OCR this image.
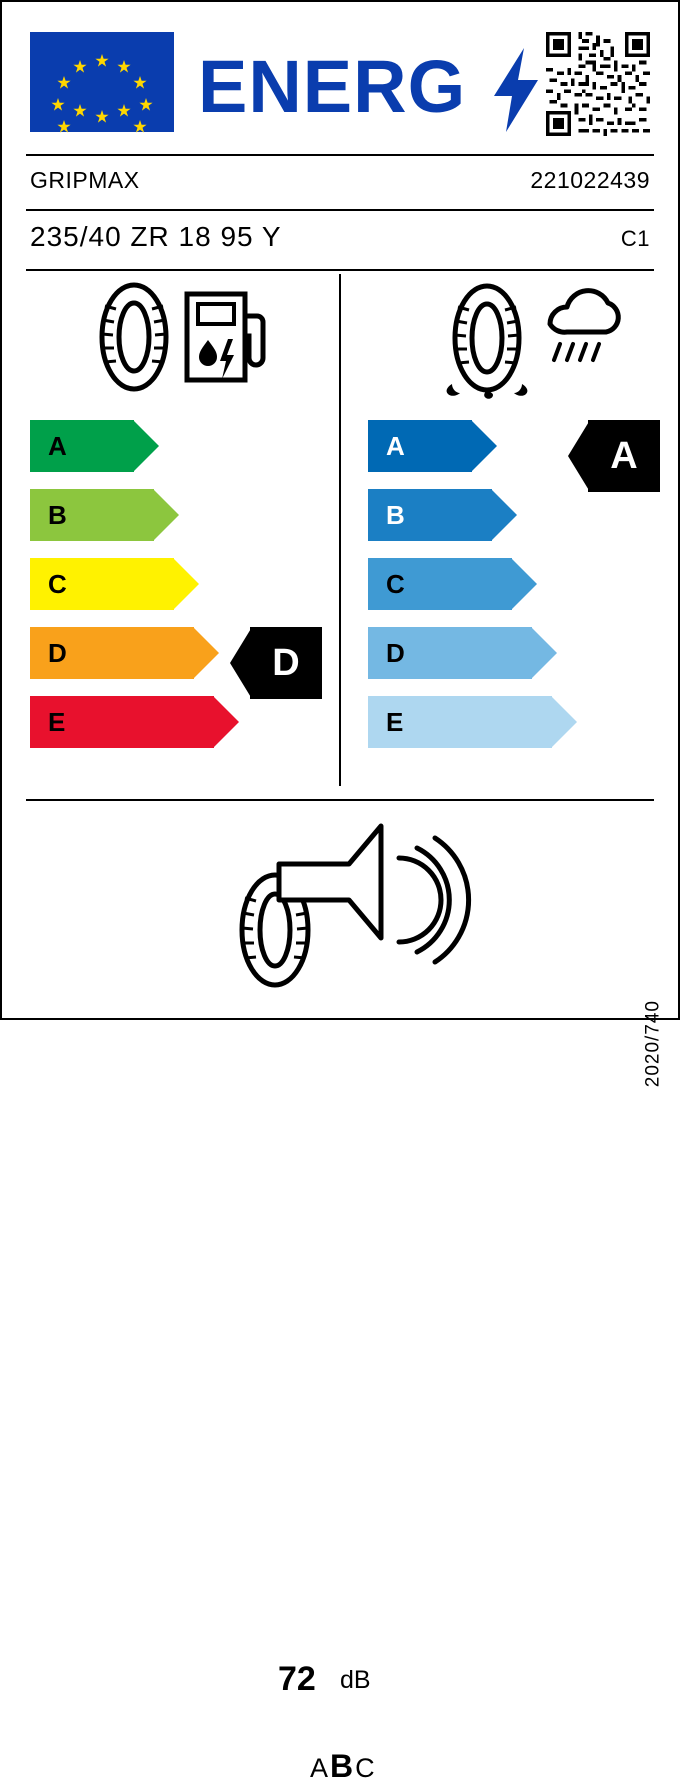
ENERG
GRIPMAX	221022439
235/40 ZR 18 95 Y	C1
A
B
C
D
E
D
A
B
C
D
E
A
72 dB
ABC
2020/740
